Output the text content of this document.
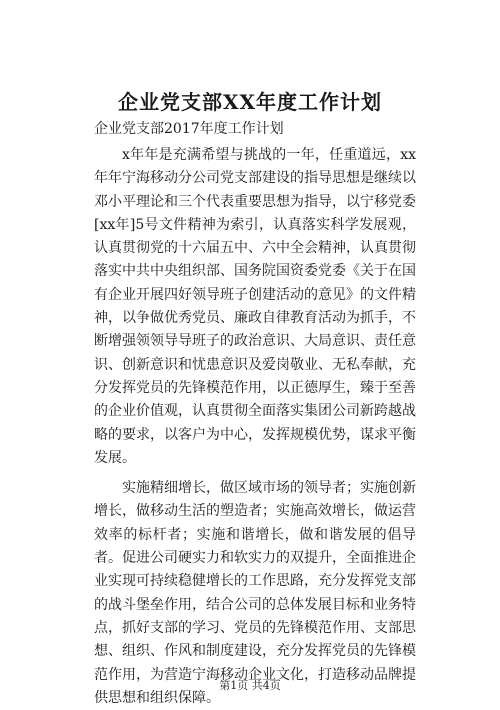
企业党支部XX年度工作计划
企业党支部2017年度工作计划

x年年是充满希望与挑战的一年，任重道远，xx年年宁海移动分公司党支部建设的指导思想是继续以邓小平理论和三个代表重要思想为指导，以宁移党委[xx年]5号文件精神为索引，认真落实科学发展观，认真贯彻党的十六届五中、六中全会精神，认真贯彻落实中共中央组织部、国务院国资委党委《关于在国有企业开展四好领导班子创建活动的意见》的文件精神，以争做优秀党员、廉政自律教育活动为抓手，不断增强领领导导班子的政治意识、大局意识、责任意识、创新意识和忧患意识及爱岗敬业、无私奉献，充分发挥党员的先锋模范作用，以正德厚生，臻于至善的企业价值观，认真贯彻全面落实集团公司新跨越战略的要求，以客户为中心，发挥规模优势，谋求平衡发展。

实施精细增长，做区域市场的领导者；实施创新增长，做移动生活的塑造者；实施高效增长，做运营效率的标杆者；实施和谐增长，做和谐发展的倡导者。促进公司硬实力和软实力的双提升，全面推进企业实现可持续稳健增长的工作思路，充分发挥党支部的战斗堡垒作用，结合公司的总体发展目标和业务特点，抓好支部的学习、党员的先锋模范作用、支部思想、组织、作风和制度建设，充分发挥党员的先锋模范作用，为营造宁海移动企业文化，打造移动品牌提供思想和组织保障。

第1页 共4页
